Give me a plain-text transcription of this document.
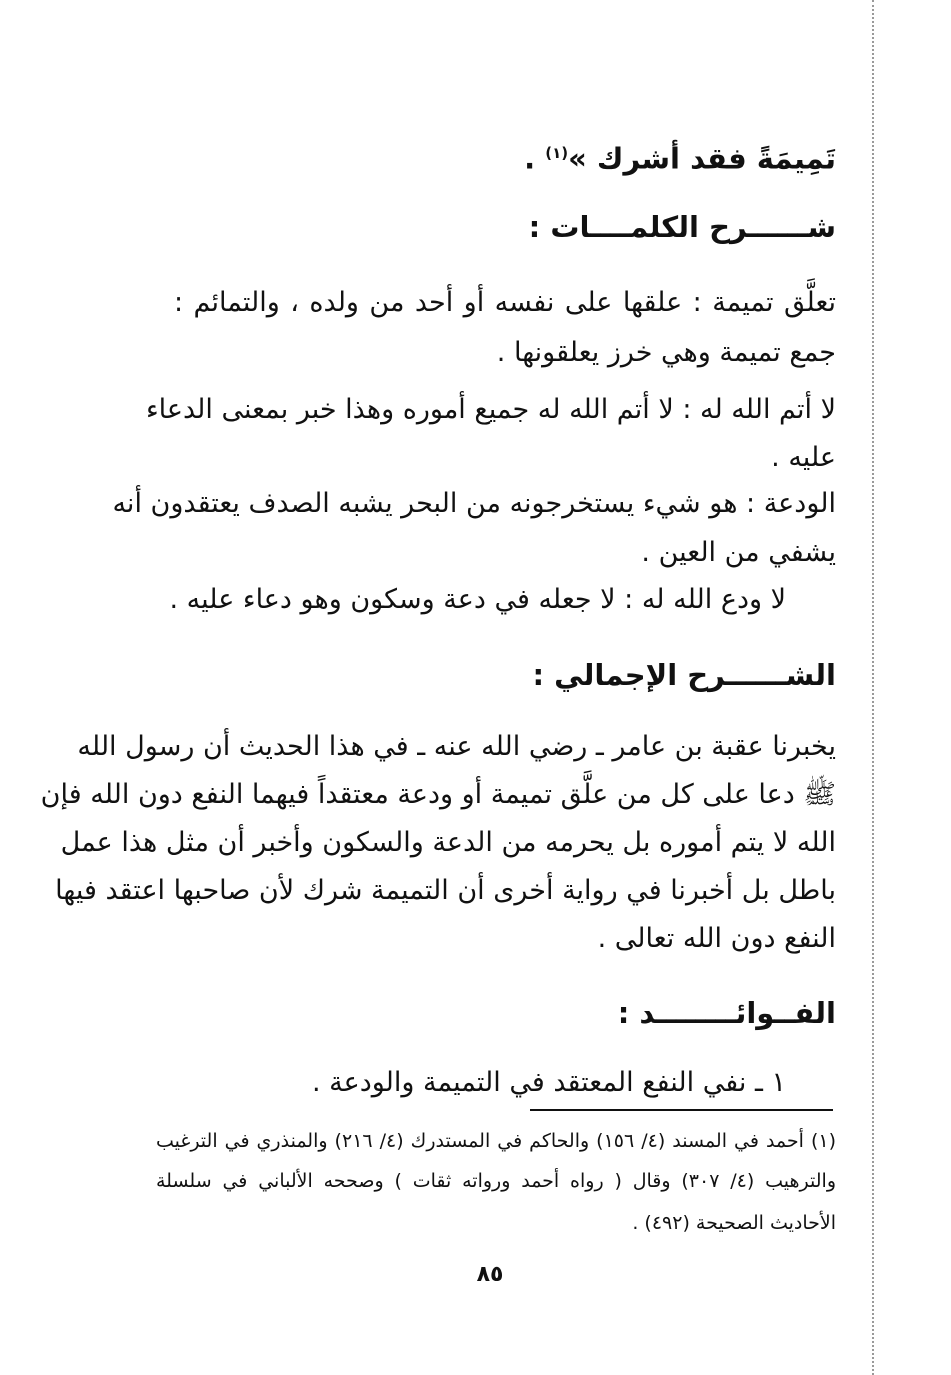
تَمِيمَةً فقد أشرك »$^{(١)}$ .
شــــــرح الكلمــــات :
تعلَّق تميمة : علقها على نفسه أو أحد من ولده ، والتمائم :
جمع تميمة وهي خرز يعلقونها .
لا أتم الله له : لا أتم الله له جميع أموره وهذا خبر بمعنى الدعاء
عليه .
الودعة : هو شيء يستخرجونه من البحر يشبه الصدف يعتقدون أنه
يشفي من العين .
لا ودع الله له : لا جعله في دعة وسكون وهو دعاء عليه .
الشــــــرح الإجمالي :
يخبرنا عقبة بن عامر ـ رضي الله عنه ـ في هذا الحديث أن رسول الله
ﷺ دعا على كل من علَّق تميمة أو ودعة معتقداً فيهما النفع دون الله فإن
الله لا يتم أموره بل يحرمه من الدعة والسكون وأخبر أن مثل هذا عمل
باطل بل أخبرنا في رواية أخرى أن التميمة شرك لأن صاحبها اعتقد فيها
النفع دون الله تعالى .
الفــوائــــــــد :
١ ـ نفي النفع المعتقد في التميمة والودعة .
(١) أحمد في المسند (٤/ ١٥٦) والحاكم في المستدرك (٤/ ٢١٦) والمنذري في الترغيب
والترهيب (٤/ ٣٠٧) وقال ( رواه أحمد ورواته ثقات ) وصححه الألباني في سلسلة
الأحاديث الصحيحة (٤٩٢) .
٨٥
